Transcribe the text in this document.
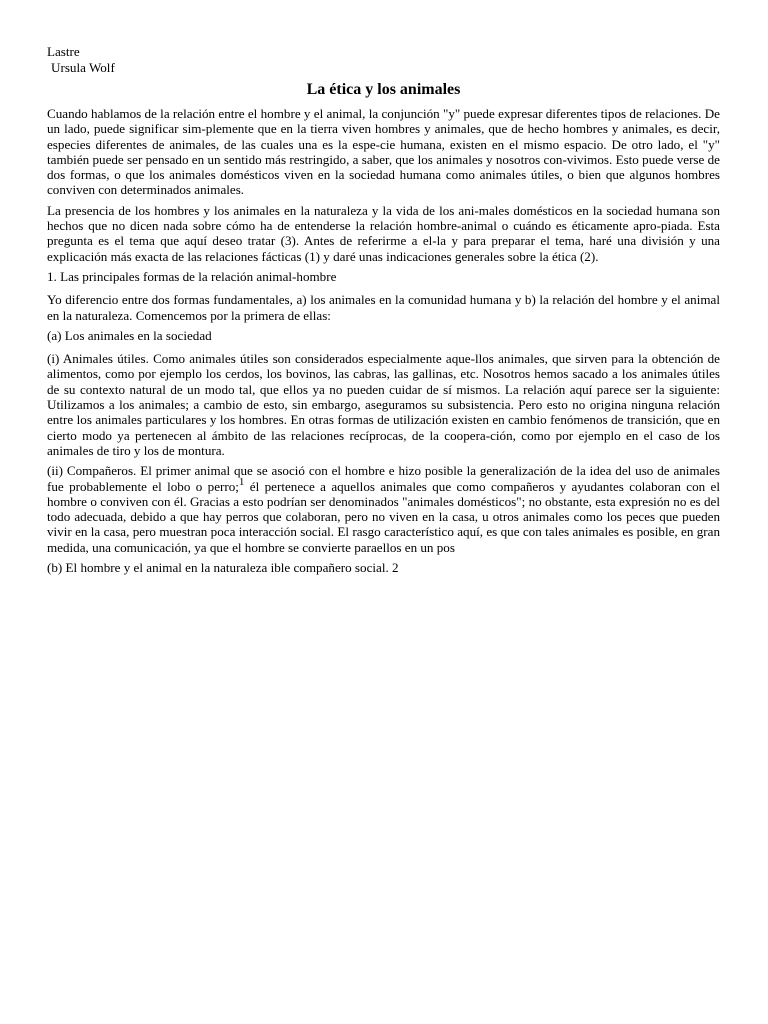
Lastre
Ursula Wolf
La ética y los animales

Cuando hablamos de la relación entre el hombre y el animal, la conjunción "y" puede expresar diferentes tipos de relaciones. De un lado, puede significar sim-plemente que en la tierra viven hombres y animales, que de hecho hombres y animales, es decir, especies diferentes de animales, de las cuales una es la espe-cie humana, existen en el mismo espacio. De otro lado, el "y" también puede ser pensado en un sentido más restringido, a saber, que los animales y nosotros con-vivimos. Esto puede verse de dos formas, o que los animales domésticos viven en la sociedad humana como animales útiles, o bien que algunos hombres conviven con determinados animales.

La presencia de los hombres y los animales en la naturaleza y la vida de los ani-males domésticos en la sociedad humana son hechos que no dicen nada sobre cómo ha de entenderse la relación hombre-animal o cuándo es éticamente apro-piada. Esta pregunta es el tema que aquí deseo tratar (3). Antes de referirme a el-la y para preparar el tema, haré una división y una explicación más exacta de las relaciones fácticas (1) y daré unas indicaciones generales sobre la ética (2).

1. Las principales formas de la relación animal-hombre

Yo diferencio entre dos formas fundamentales, a) los animales en la comunidad humana y b) la relación del hombre y el animal en la naturaleza. Comencemos por la primera de ellas:

(a) Los animales en la sociedad

(i) Animales útiles. Como animales útiles son considerados especialmente aque-llos animales, que sirven para la obtención de alimentos, como por ejemplo los cerdos, los bovinos, las cabras, las gallinas, etc. Nosotros hemos sacado a los animales útiles de su contexto natural de un modo tal, que ellos ya no pueden cuidar de sí mismos. La relación aquí parece ser la siguiente: Utilizamos a los animales; a cambio de esto, sin embargo, aseguramos su subsistencia. Pero esto no origina ninguna relación entre los animales particulares y los hombres. En otras formas de utilización existen en cambio fenómenos de transición, que en cierto modo ya pertenecen al ámbito de las relaciones recíprocas, de la coopera-ción, como por ejemplo en el caso de los animales de tiro y los de montura.

(ii) Compañeros. El primer animal que se asoció con el hombre e hizo posible la generalización de la idea del uso de animales fue probablemente el lobo o perro;$^1$ él pertenece a aquellos animales que como compañeros y ayudantes colaboran con el hombre o conviven con él. Gracias a esto podrían ser denominados "animales domésticos"; no obstante, esta expresión no es del todo adecuada, debido a que hay perros que colaboran, pero no viven en la casa, u otros animales como los peces que pueden vivir en la casa, pero muestran poca interacción social. El rasgo característico aquí, es que con tales animales es posible, en gran medida, una comunicación, ya que el hombre se convierte paraellos en un pos

(b) El hombre y el animal en la naturaleza ible compañero social. 2
